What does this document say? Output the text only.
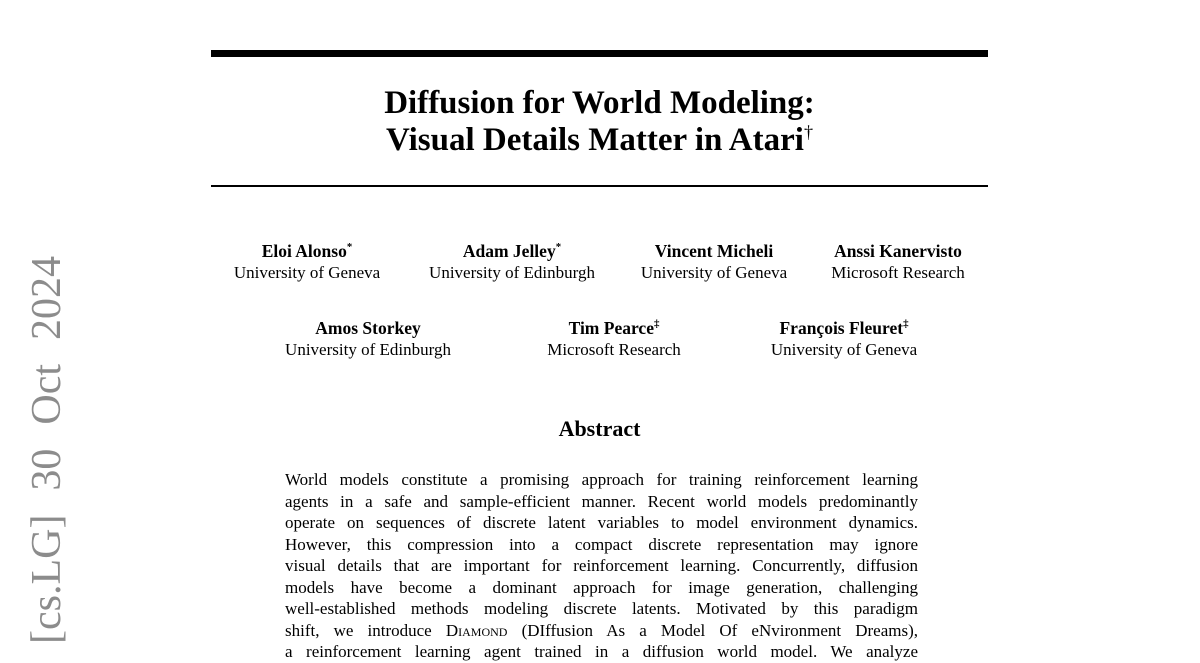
[cs.LG] 30 Oct 2024
Diffusion for World Modeling:
Visual Details Matter in Atari†
Eloi Alonso*
University of Geneva
Adam Jelley*
University of Edinburgh
Vincent Micheli
University of Geneva
Anssi Kanervisto
Microsoft Research
Amos Storkey
University of Edinburgh
Tim Pearce‡
Microsoft Research
François Fleuret‡
University of Geneva
Abstract
World models constitute a promising approach for training reinforcement learning
agents in a safe and sample-efficient manner. Recent world models predominantly
operate on sequences of discrete latent variables to model environment dynamics.
However, this compression into a compact discrete representation may ignore
visual details that are important for reinforcement learning. Concurrently, diffusion
models have become a dominant approach for image generation, challenging
well-established methods modeling discrete latents. Motivated by this paradigm
shift, we introduce Diamond (DIffusion As a Model Of eNvironment Dreams),
a reinforcement learning agent trained in a diffusion world model. We analyze
